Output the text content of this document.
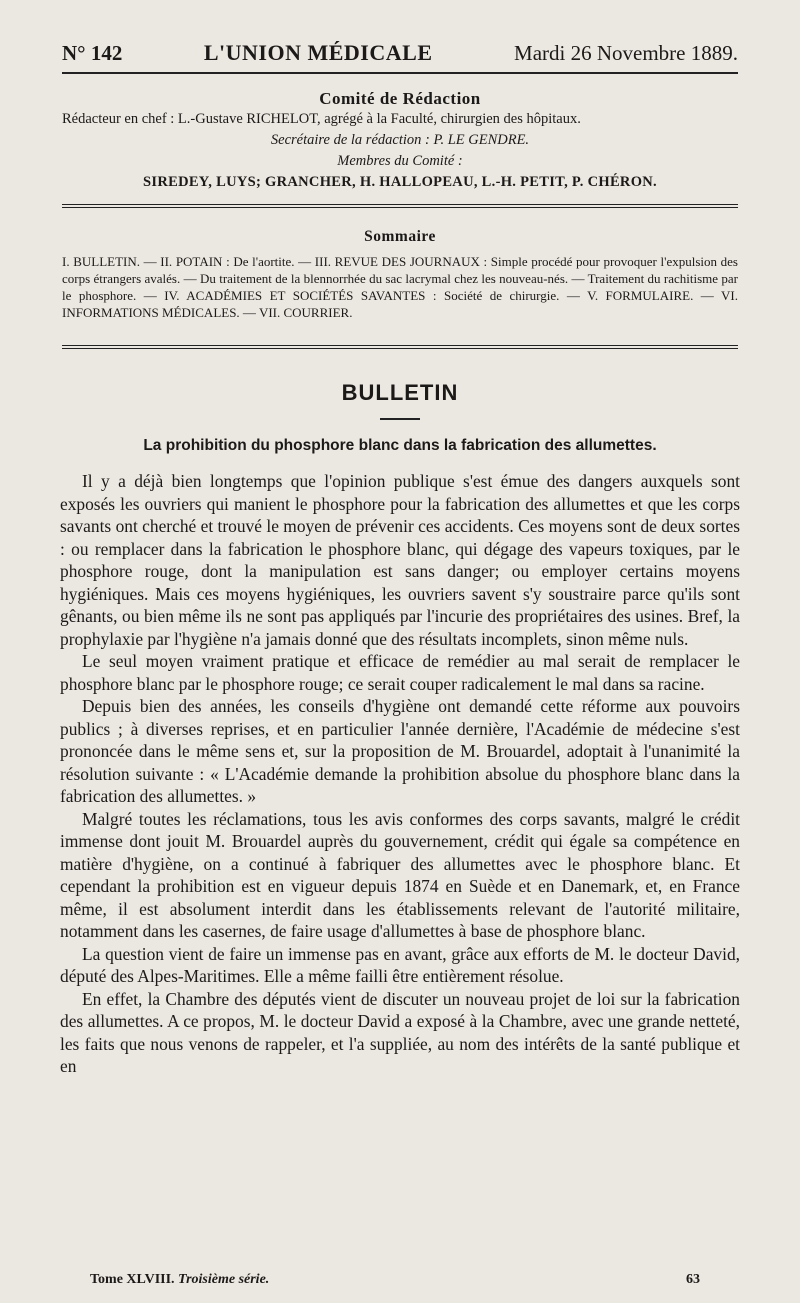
N° 142	L'UNION MÉDICALE	Mardi 26 Novembre 1889.
Comité de Rédaction
Rédacteur en chef : L.-Gustave RICHELOT, agrégé à la Faculté, chirurgien des hôpitaux.
Secrétaire de la rédaction : P. LE GENDRE.
Membres du Comité :
SIREDEY, LUYS; GRANCHER, H. HALLOPEAU, L.-H. PETIT, P. CHÉRON.
Sommaire
I. BULLETIN. — II. POTAIN : De l'aortite. — III. REVUE DES JOURNAUX : Simple procédé pour provoquer l'expulsion des corps étrangers avalés. — Du traitement de la blennorrhée du sac lacrymal chez les nouveau-nés. — Traitement du rachitisme par le phosphore. — IV. ACADÉMIES ET SOCIÉTÉS SAVANTES : Société de chirurgie. — V. FORMULAIRE. — VI. INFORMATIONS MÉDICALES. — VII. COURRIER.
BULLETIN
La prohibition du phosphore blanc dans la fabrication des allumettes.

Il y a déjà bien longtemps que l'opinion publique s'est émue des dangers auxquels sont exposés les ouvriers qui manient le phosphore pour la fabrication des allumettes et que les corps savants ont cherché et trouvé le moyen de prévenir ces accidents. Ces moyens sont de deux sortes : ou remplacer dans la fabrication le phosphore blanc, qui dégage des vapeurs toxiques, par le phosphore rouge, dont la manipulation est sans danger; ou employer certains moyens hygiéniques. Mais ces moyens hygiéniques, les ouvriers savent s'y soustraire parce qu'ils sont gênants, ou bien même ils ne sont pas appliqués par l'incurie des propriétaires des usines. Bref, la prophylaxie par l'hygiène n'a jamais donné que des résultats incomplets, sinon même nuls.

Le seul moyen vraiment pratique et efficace de remédier au mal serait de remplacer le phosphore blanc par le phosphore rouge; ce serait couper radicalement le mal dans sa racine.

Depuis bien des années, les conseils d'hygiène ont demandé cette réforme aux pouvoirs publics ; à diverses reprises, et en particulier l'année dernière, l'Académie de médecine s'est prononcée dans le même sens et, sur la proposition de M. Brouardel, adoptait à l'unanimité la résolution suivante : « L'Académie demande la prohibition absolue du phosphore blanc dans la fabrication des allumettes. »

Malgré toutes les réclamations, tous les avis conformes des corps savants, malgré le crédit immense dont jouit M. Brouardel auprès du gouvernement, crédit qui égale sa compétence en matière d'hygiène, on a continué à fabriquer des allumettes avec le phosphore blanc. Et cependant la prohibition est en vigueur depuis 1874 en Suède et en Danemark, et, en France même, il est absolument interdit dans les établissements relevant de l'autorité militaire, notamment dans les casernes, de faire usage d'allumettes à base de phosphore blanc.

La question vient de faire un immense pas en avant, grâce aux efforts de M. le docteur David, député des Alpes-Maritimes. Elle a même failli être entièrement résolue.

En effet, la Chambre des députés vient de discuter un nouveau projet de loi sur la fabrication des allumettes. A ce propos, M. le docteur David a exposé à la Chambre, avec une grande netteté, les faits que nous venons de rappeler, et l'a suppliée, au nom des intérêts de la santé publique et en

Tome XLVIII. Troisième série.	63
